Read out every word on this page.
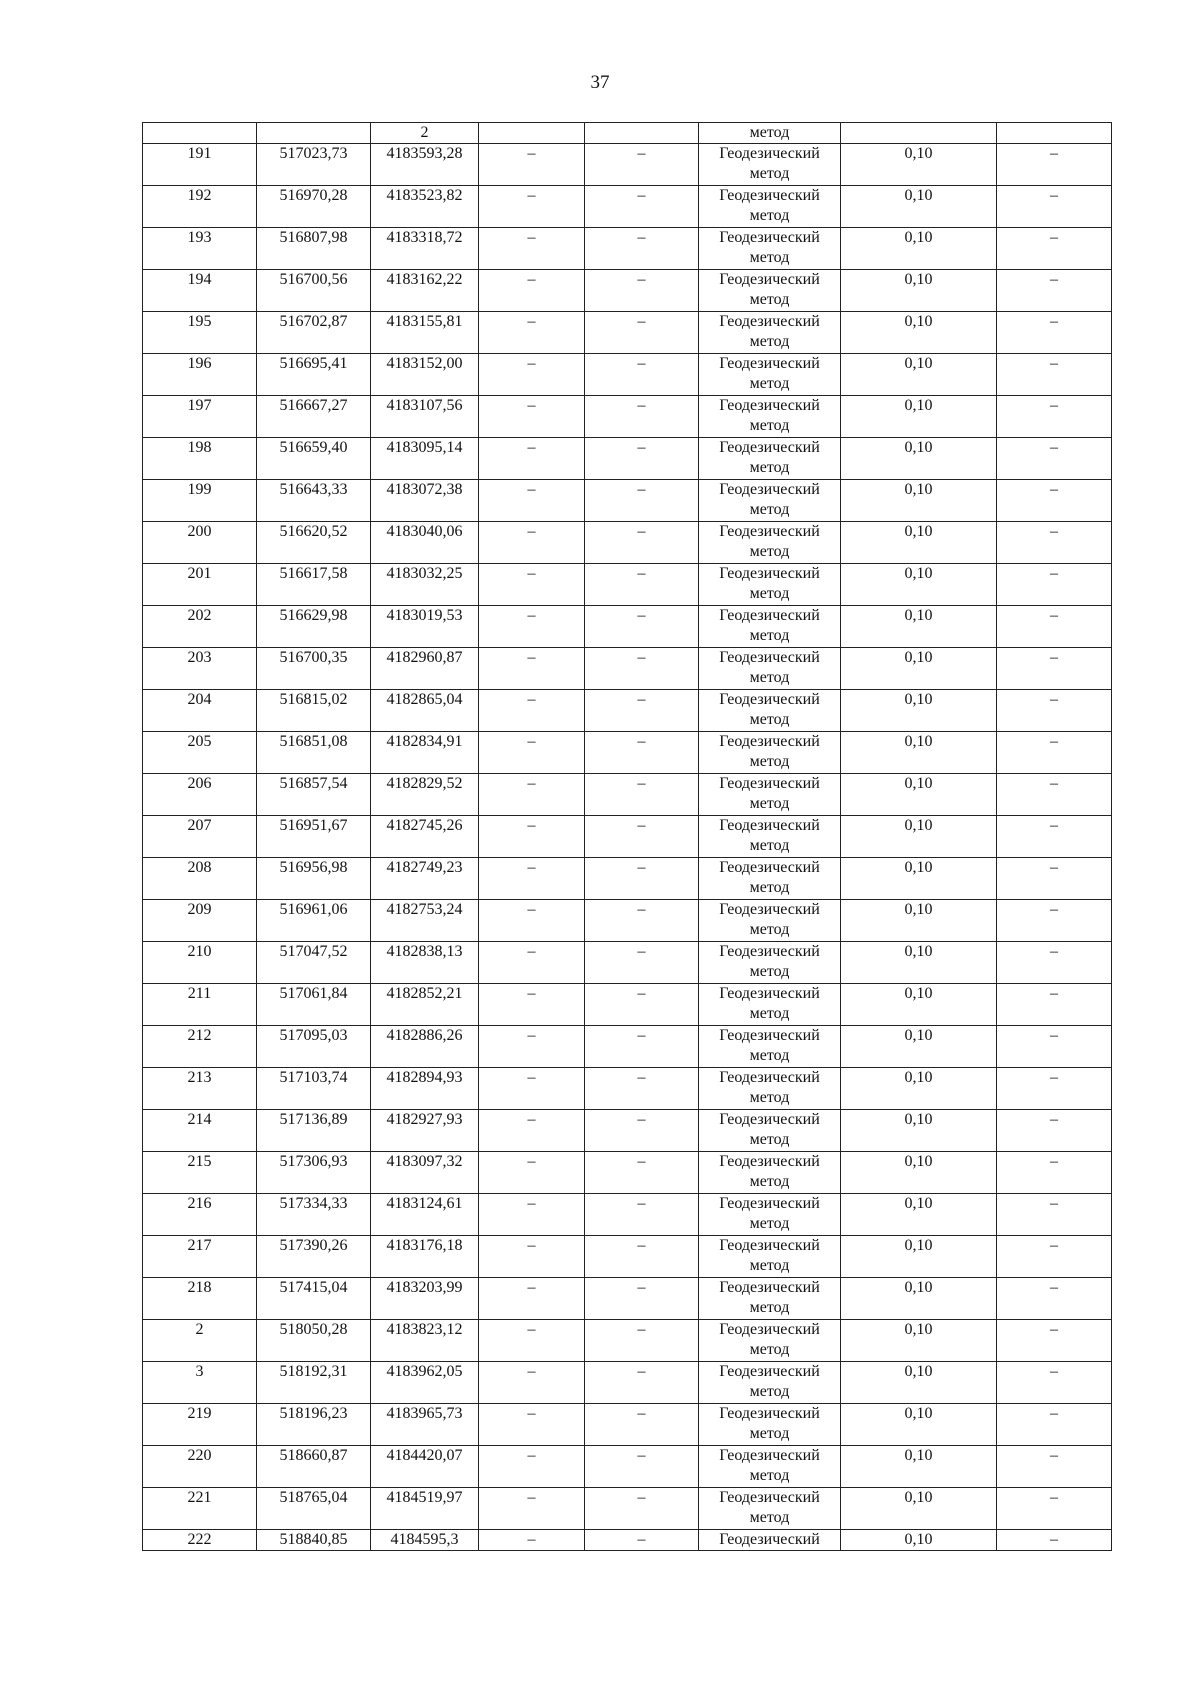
37
		2			метод		
191	517023,73	4183593,28	–	–	Геодезический метод	0,10	–
192	516970,28	4183523,82	–	–	Геодезический метод	0,10	–
193	516807,98	4183318,72	–	–	Геодезический метод	0,10	–
194	516700,56	4183162,22	–	–	Геодезический метод	0,10	–
195	516702,87	4183155,81	–	–	Геодезический метод	0,10	–
196	516695,41	4183152,00	–	–	Геодезический метод	0,10	–
197	516667,27	4183107,56	–	–	Геодезический метод	0,10	–
198	516659,40	4183095,14	–	–	Геодезический метод	0,10	–
199	516643,33	4183072,38	–	–	Геодезический метод	0,10	–
200	516620,52	4183040,06	–	–	Геодезический метод	0,10	–
201	516617,58	4183032,25	–	–	Геодезический метод	0,10	–
202	516629,98	4183019,53	–	–	Геодезический метод	0,10	–
203	516700,35	4182960,87	–	–	Геодезический метод	0,10	–
204	516815,02	4182865,04	–	–	Геодезический метод	0,10	–
205	516851,08	4182834,91	–	–	Геодезический метод	0,10	–
206	516857,54	4182829,52	–	–	Геодезический метод	0,10	–
207	516951,67	4182745,26	–	–	Геодезический метод	0,10	–
208	516956,98	4182749,23	–	–	Геодезический метод	0,10	–
209	516961,06	4182753,24	–	–	Геодезический метод	0,10	–
210	517047,52	4182838,13	–	–	Геодезический метод	0,10	–
211	517061,84	4182852,21	–	–	Геодезический метод	0,10	–
212	517095,03	4182886,26	–	–	Геодезический метод	0,10	–
213	517103,74	4182894,93	–	–	Геодезический метод	0,10	–
214	517136,89	4182927,93	–	–	Геодезический метод	0,10	–
215	517306,93	4183097,32	–	–	Геодезический метод	0,10	–
216	517334,33	4183124,61	–	–	Геодезический метод	0,10	–
217	517390,26	4183176,18	–	–	Геодезический метод	0,10	–
218	517415,04	4183203,99	–	–	Геодезический метод	0,10	–
2	518050,28	4183823,12	–	–	Геодезический метод	0,10	–
3	518192,31	4183962,05	–	–	Геодезический метод	0,10	–
219	518196,23	4183965,73	–	–	Геодезический метод	0,10	–
220	518660,87	4184420,07	–	–	Геодезический метод	0,10	–
221	518765,04	4184519,97	–	–	Геодезический метод	0,10	–
222	518840,85	4184595,3	–	–	Геодезический	0,10	–
